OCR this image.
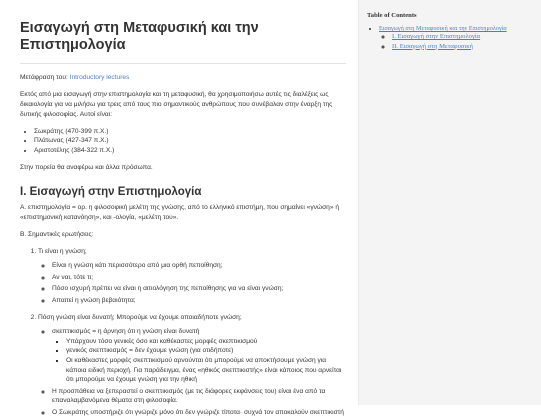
Εισαγωγή στη Μεταφυσική και την Επιστημολογία

Μετάφραση του: Introductory lectures

Εκτός από μια εισαγωγή στην επιστημολογία και τη μεταφυσική, θα χρησιμοποιήσω αυτές τις διαλέξεις ως δικαιολογία για να μιλήσω για τρεις από τους πιο σημαντικούς ανθρώπους που συνέβαλαν στην έναρξη της δυτικής φιλοσοφίας. Αυτοί είναι:

• Σωκράτης (470-399 π.Χ.)
• Πλάτωνας (427-347 π.Χ.)
• Αριστοτέλης (384-322 π.Χ.)

Στην πορεία θα αναφέρω και άλλα πρόσωπα.

I. Εισαγωγή στην Επιστημολογία

Α. επιστημολογία = ορ. η φιλοσοφική μελέτη της γνώσης, από το ελληνικό επιστήμη, που σημαίνει «γνώση» ή «επιστημονική κατανόηση», και -ολογία, «μελέτη του».

Β. Σημαντικές ερωτήσεις:

1. Τι είναι η γνώση;
◦ Είναι η γνώση κάτι περισσότερο από μια ορθή πεποίθηση;
◦ Αν ναι, τότε τι;
◦ Πόσο ισχυρή πρέπει να είναι η αιτιολόγηση της πεποίθησης για να είναι γνώση;
◦ Απαιτεί η γνώση βεβαιότητα;
2. Πόση γνώση είναι δυνατή; Μπορούμε να έχουμε οποιαδήποτε γνώση;
◦ σκεπτικισμός = η άρνηση ότι η γνώση είναι δυνατή
▪ Υπάρχουν τόσο γενικές όσο και καθέκαστες μορφές σκεπτικισμού
▪ γενικός σκεπτικισμός = δεν έχουμε γνώση (για οτιδήποτε)
▪ Οι καθέκαστες μορφές σκεπτικισμού αρνούνται ότι μπορούμε να αποκτήσουμε γνώση για κάποια ειδική περιοχή. Για παράδειγμα, ένας «ηθικός σκεπτικιστής» είναι κάποιος που αρνείται ότι μπορούμε να έχουμε γνώση για την ηθική
◦ Η προσπάθεια να ξεπεραστεί ο σκεπτικισμός (με τις διάφορες εκφάνσεις του) είναι ένα από τα επαναλαμβανόμενα θέματα στη φιλοσοφία.
◦ Ο Σωκράτης υποστήριζε ότι γνώριζε μόνο ότι δεν γνώριζε τίποτα· συχνά τον αποκαλούν σκεπτικιστή
Table of Contents
• Εισαγωγή στη Μεταφυσική και την Επιστημολογία
◦ I. Εισαγωγή στην Επιστημολογία
◦ II. Εισαγωγή στη Μεταφυσική
